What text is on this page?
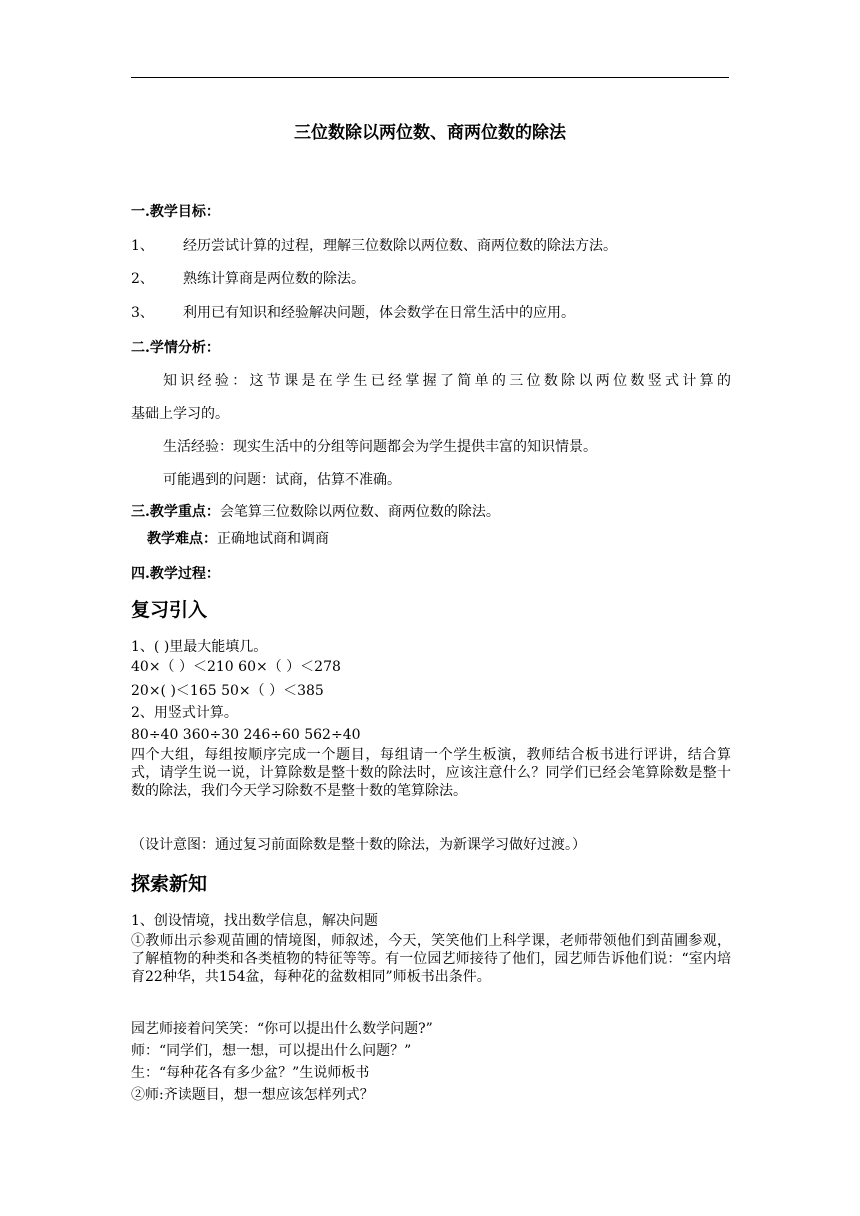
三位数除以两位数、商两位数的除法

一.教学目标：

1、 经历尝试计算的过程，理解三位数除以两位数、商两位数的除法方法。

2、 熟练计算商是两位数的除法。

3、 利用已有知识和经验解决问题，体会数学在日常生活中的应用。

二.学情分析：

知识经验：这节课是在学生已经掌握了简单的三位数除以两位数竖式计算的

基础上学习的。

生活经验：现实生活中的分组等问题都会为学生提供丰富的知识情景。

可能遇到的问题：试商，估算不准确。

三.教学重点：会笔算三位数除以两位数、商两位数的除法。

教学难点：正确地试商和调商

四.教学过程：

复习引入

1、( )里最大能填几。

40×（ ）＜210 60×（ ）＜278

20×( )＜165 50×（ ）＜385

2、用竖式计算。

80÷40 360÷30 246÷60 562÷40

四个大组，每组按顺序完成一个题目，每组请一个学生板演，教师结合板书进行评讲，结合算式，请学生说一说，计算除数是整十数的除法时，应该注意什么？同学们已经会笔算除数是整十数的除法，我们今天学习除数不是整十数的笔算除法。

（设计意图：通过复习前面除数是整十数的除法，为新课学习做好过渡。）

探索新知

1、创设情境，找出数学信息，解决问题

①教师出示参观苗圃的情境图，师叙述，今天，笑笑他们上科学课，老师带领他们到苗圃参观，了解植物的种类和各类植物的特征等等。有一位园艺师接待了他们，园艺师告诉他们说：“室内培育22种华，共154盆，每种花的盆数相同”师板书出条件。

园艺师接着问笑笑：“你可以提出什么数学问题?”

师：“同学们，想一想，可以提出什么问题？”

生：“每种花各有多少盆？”生说师板书

②师:齐读题目，想一想应该怎样列式？
